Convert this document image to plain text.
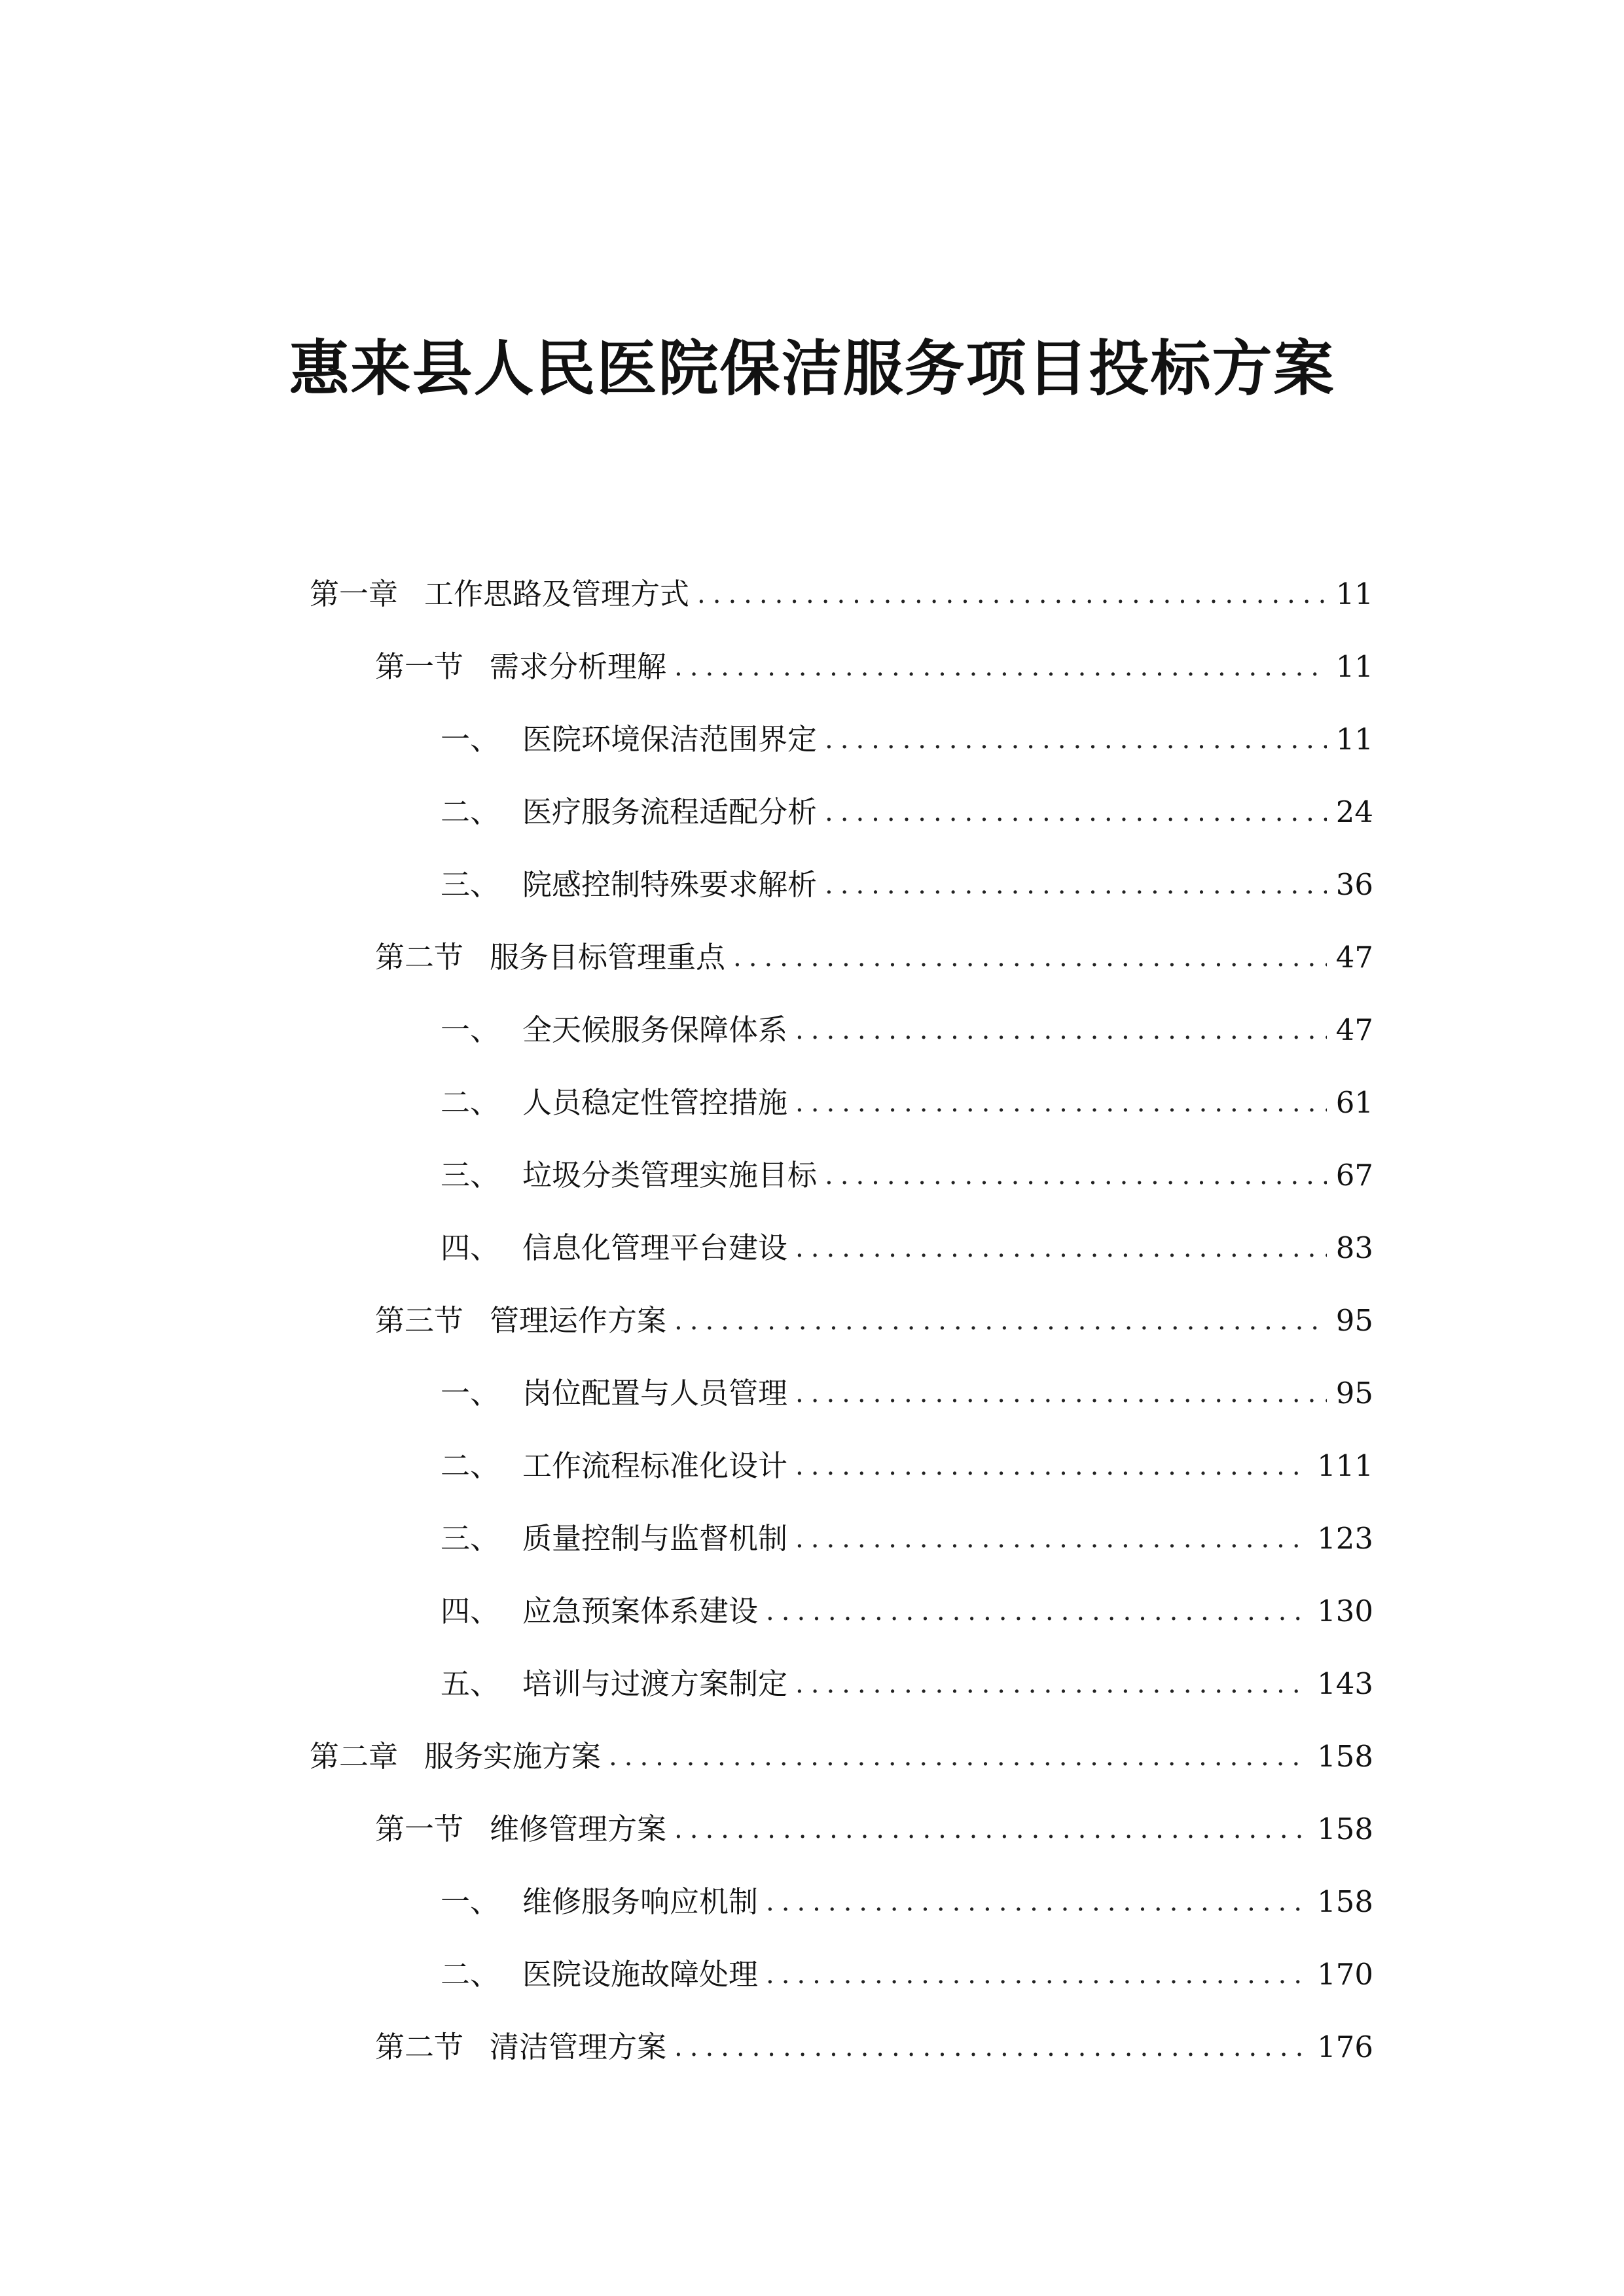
惠来县人民医院保洁服务项目投标方案
第一章 工作思路及管理方式 .....	11
第一节 需求分析理解 .....	11
一、 医院环境保洁范围界定 .....	11
二、 医疗服务流程适配分析 .....	24
三、 院感控制特殊要求解析 .....	36
第二节 服务目标管理重点 .....	47
一、 全天候服务保障体系 .....	47
二、 人员稳定性管控措施 .....	61
三、 垃圾分类管理实施目标 .....	67
四、 信息化管理平台建设 .....	83
第三节 管理运作方案 .....	95
一、 岗位配置与人员管理 .....	95
二、 工作流程标准化设计 .....	111
三、 质量控制与监督机制 .....	123
四、 应急预案体系建设 .....	130
五、 培训与过渡方案制定 .....	143
第二章 服务实施方案 .....	158
第一节 维修管理方案 .....	158
一、 维修服务响应机制 .....	158
二、 医院设施故障处理 .....	170
第二节 清洁管理方案 .....	176
